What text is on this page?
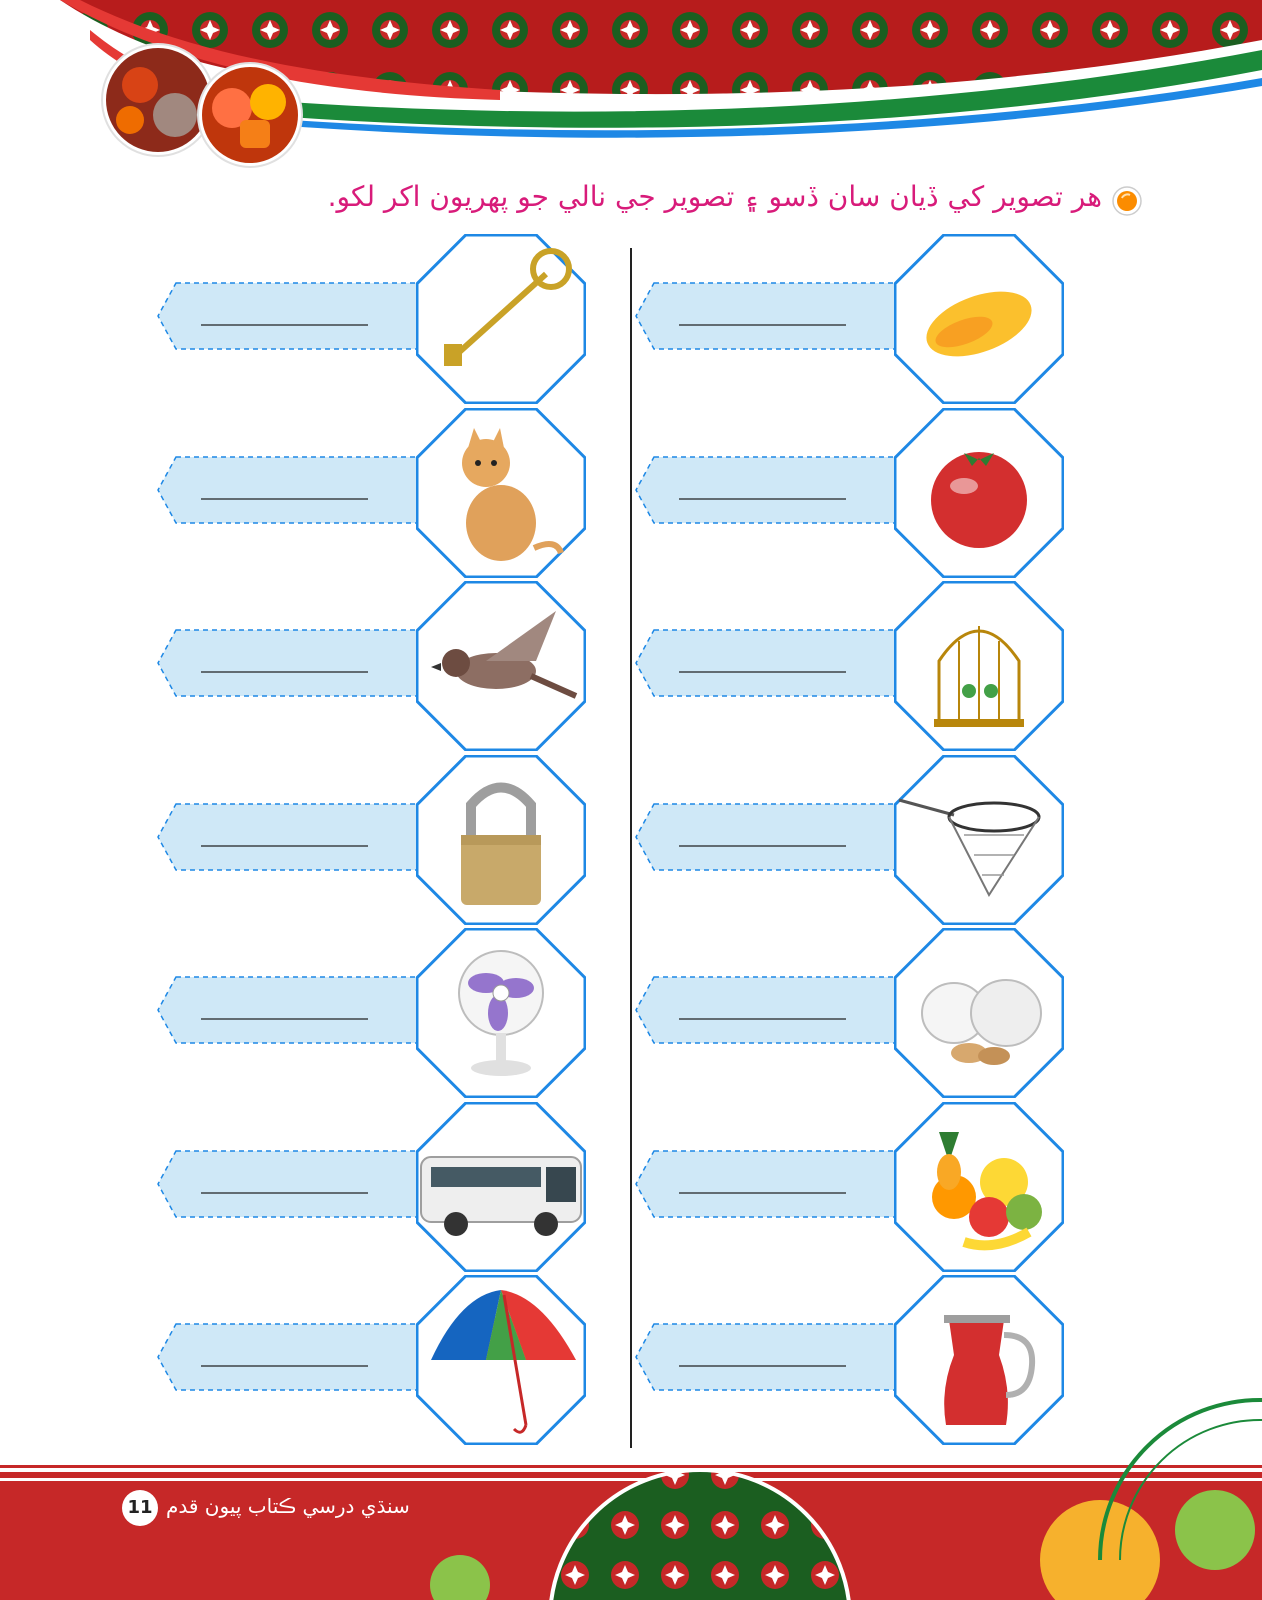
هر تصوير کي ڏيان سان ڏسو ۽ تصوير جي نالي جو پهريون اکر لکو.
11 سنڌي درسي ڪتاب پيون قدم
